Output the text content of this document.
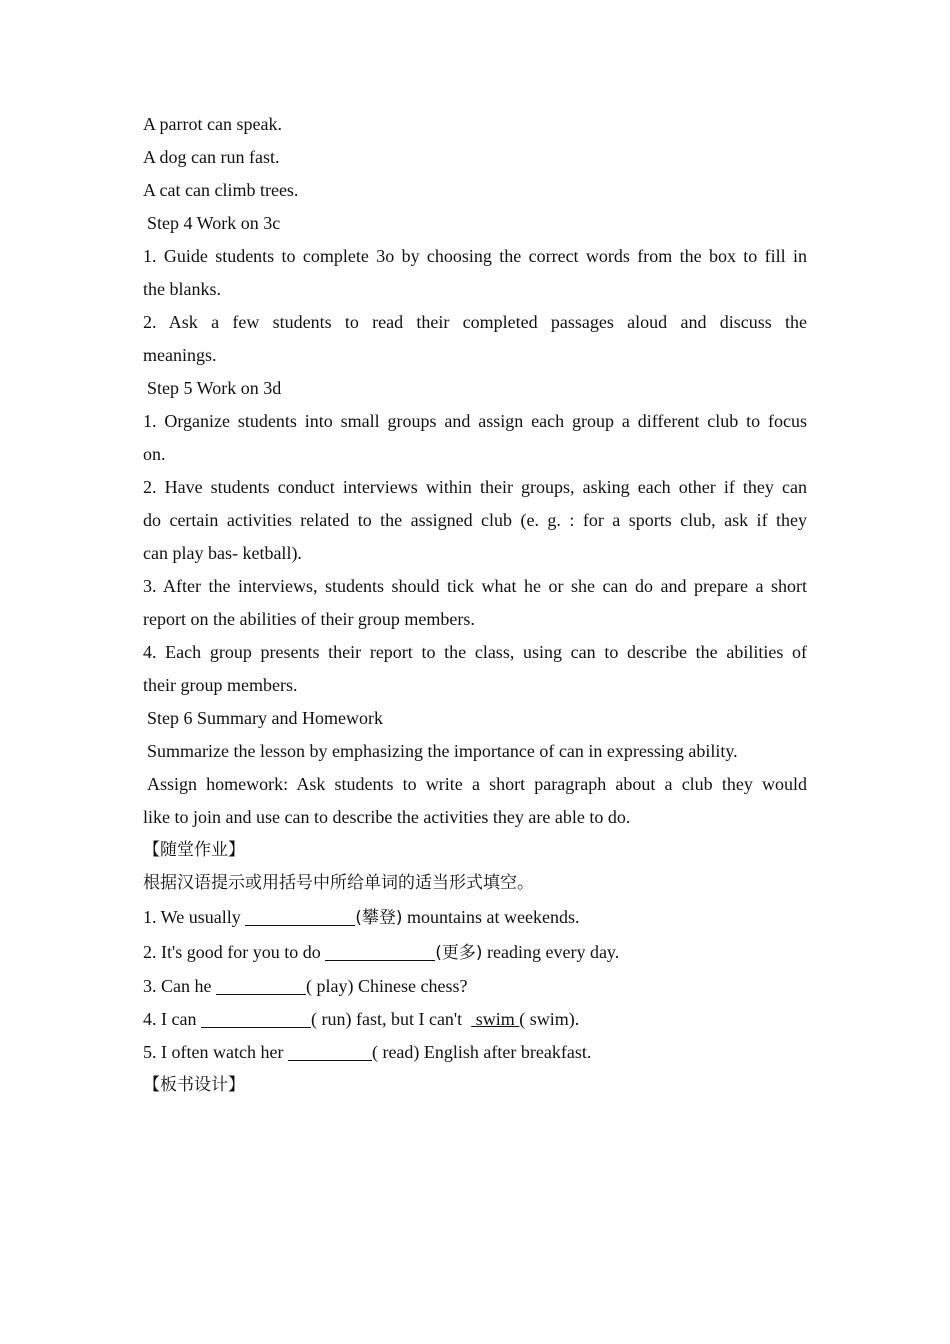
A parrot can speak.
A dog can run fast.
A cat can climb trees.
Step 4 Work on 3c
1. Guide students to complete 3o by choosing the correct words from the box to fill in
the blanks.
2. Ask a few students to read their completed passages aloud and discuss the
meanings.
Step 5 Work on 3d
1. Organize students into small groups and assign each group a different club to focus
on.
2. Have students conduct interviews within their groups, asking each other if they can
do certain activities related to the assigned club (e. g. : for a sports club, ask if they
can play bas- ketball).
3. After the interviews, students should tick what he or she can do and prepare a short
report on the abilities of their group members.
4. Each group presents their report to the class, using can to describe the abilities of
their group members.
Step 6 Summary and Homework
Summarize the lesson by emphasizing the importance of can in expressing ability.
Assign homework: Ask students to write a short paragraph about a club they would
like to join and use can to describe the activities they are able to do.
【随堂作业】
根据汉语提示或用括号中所给单词的适当形式填空。
1. We usually	(攀登) mountains at weekends.
2. It's good for you to do	(更多) reading every day.
3. Can he	( play) Chinese chess?
4. I can	( run) fast, but I can't   swim ( swim).
5. I often watch her	( read) English after breakfast.
【板书设计】
